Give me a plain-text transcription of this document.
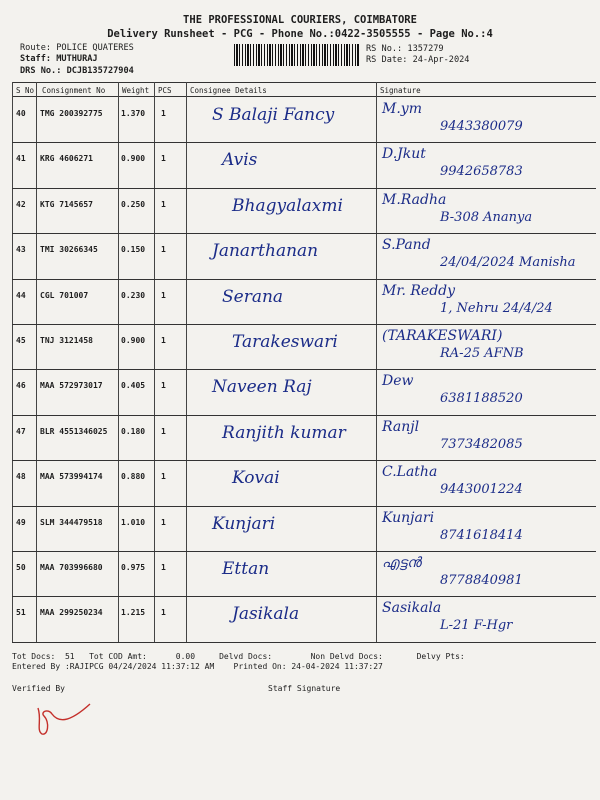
THE PROFESSIONAL COURIERS, COIMBATORE
Delivery Runsheet - PCG - Phone No.:0422-3505555 - Page No.:4
Route: POLICE QUATERES
Staff: MUTHURAJ
DRS No.: DCJB135727904
RS No.: 1357279
RS Date: 24-Apr-2024
S No Consignment No Weight PCS Consignee Details	Signature
40 TMG 200392775 1.370 1	S Balaji Fancy	M.ym
9443380079
41 KRG 4606271	0.900 1	Avis	D.Jkut
9942658783
42 KTG 7145657	0.250 1	Bhagyalaxmi	M.Radha
B-308 Ananya
43 TMI 30266345	0.150 1	Janarthanan	S.Pand
24/04/2024 Manisha
44 CGL 701007	0.230 1	Serana	Mr. Reddy
1, Nehru 24/4/24
45 TNJ 3121458	0.900 1	Tarakeswari	(TARAKESWARI)
RA-25 AFNB
46 MAA 572973017 0.405 1	Naveen Raj	Dew
6381188520
47 BLR 4551346025 0.180 1	Ranjith kumar	Ranjl
7373482085
48 MAA 573994174 0.880 1	Kovai	C.Latha
9443001224
49 SLM 344479518 1.010 1	Kunjari	Kunjari
8741618414
50 MAA 703996680 0.975 1	Ettan	എട്ടൻ
8778840981
51 MAA 299250234 1.215 1	Jasikala	Sasikala
L-21 F-Hgr
Tot Docs:  51   Tot COD Amt:      0.00     Delvd Docs:        Non Delvd Docs:       Delvy Pts:
Entered By :RAJIPCG 04/24/2024 11:37:12 AM    Printed On: 24-04-2024 11:37:27
Verified By	Staff Signature
